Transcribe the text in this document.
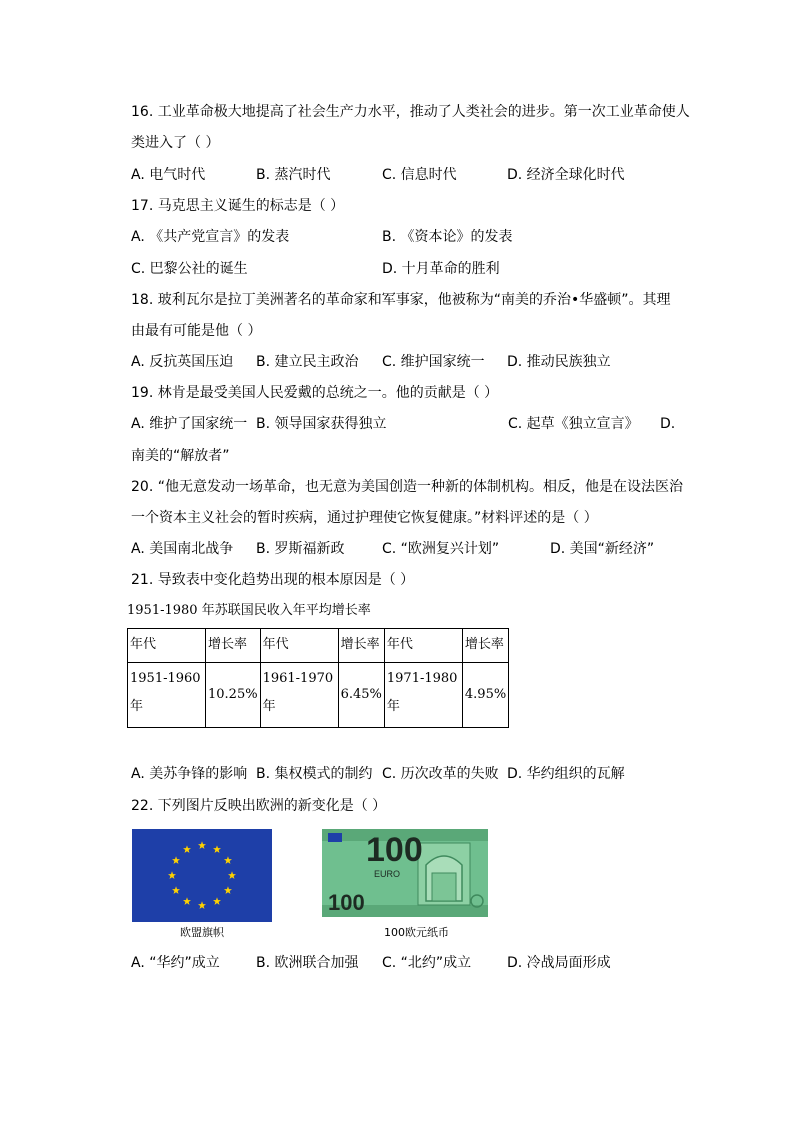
16. 工业革命极大地提高了社会生产力水平，推动了人类社会的进步。第一次工业革命使人
类进入了（ ）
A. 电气时代	B. 蒸汽时代	C. 信息时代	D. 经济全球化时代
17. 马克思主义诞生的标志是（ ）
A. 《共产党宣言》的发表	B. 《资本论》的发表
C. 巴黎公社的诞生	D. 十月革命的胜利
18. 玻利瓦尔是拉丁美洲著名的革命家和军事家，他被称为“南美的乔治•华盛顿”。其理
由最有可能是他（ ）
A. 反抗英国压迫 B. 建立民主政治 C. 维护国家统一 D. 推动民族独立
19. 林肯是最受美国人民爱戴的总统之一。他的贡献是（ ）
A. 维护了国家统一 B. 领导国家获得独立	C. 起草《独立宣言》 D.
南美的“解放者”
20. “他无意发动一场革命，也无意为美国创造一种新的体制机构。相反，他是在设法医治
一个资本主义社会的暂时疾病，通过护理使它恢复健康。”材料评述的是（ ）
A. 美国南北战争 B. 罗斯福新政	C. “欧洲复兴计划”	D. 美国“新经济”
21. 导致表中变化趋势出现的根本原因是（ ）
1951-1980 年苏联国民收入年平均增长率
年代	增长率	年代	增长率	年代	增长率
1951-1960 年	10.25%	1961-1970 年	6.45%	1971-1980 年	4.95%
A. 美苏争锋的影响 B. 集权模式的制约 C. 历次改革的失败 D. 华约组织的瓦解
22. 下列图片反映出欧洲的新变化是（ ）
欧盟旗帜
100
100
EURO
100欧元纸币
A. “华约”成立	B. 欧洲联合加强 C. “北约”成立	D. 冷战局面形成
